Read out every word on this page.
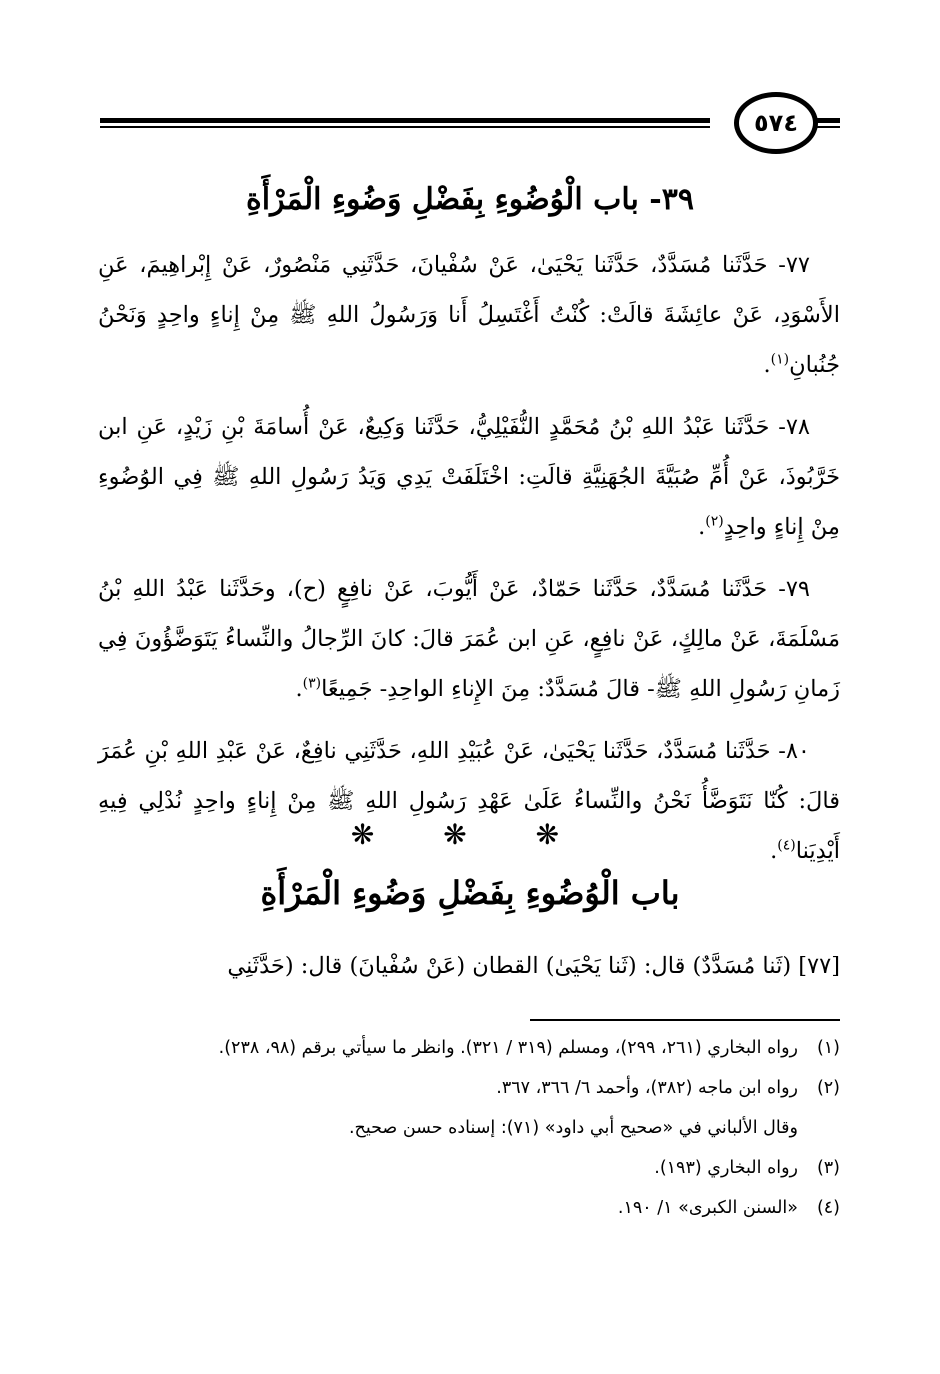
٥٧٤
٣٩- باب الْوُضُوءِ بِفَضْلِ وَضُوءِ الْمَرْأَةِ

٧٧- حَدَّثَنا مُسَدَّدٌ، حَدَّثَنا يَحْيَىٰ، عَنْ سُفْيانَ، حَدَّثَنِي مَنْصُورٌ، عَنْ إِبْراهِيمَ، عَنِ الأَسْوَدِ، عَنْ عائِشَةَ قالَتْ: كُنْتُ أَغْتَسِلُ أَنا وَرَسُولُ اللهِ ﷺ مِنْ إِناءٍ واحِدٍ وَنَحْنُ جُنُبانِ$^{(١)}$.

٧٨- حَدَّثَنا عَبْدُ اللهِ بْنُ مُحَمَّدٍ النُّفَيْلِيُّ، حَدَّثَنا وَكِيعٌ، عَنْ أُسامَةَ بْنِ زَيْدٍ، عَنِ ابن خَرَّبُوذَ، عَنْ أُمِّ صُبَيَّةَ الجُهَنِيَّةِ قالَتِ: اخْتَلَفَتْ يَدِي وَيَدُ رَسُولِ اللهِ ﷺ فِي الوُضُوءِ مِنْ إِناءٍ واحِدٍ$^{(٢)}$.

٧٩- حَدَّثَنا مُسَدَّدٌ، حَدَّثَنا حَمّادٌ، عَنْ أَيُّوبَ، عَنْ نافِعٍ (ح)، وحَدَّثَنا عَبْدُ اللهِ بْنُ مَسْلَمَةَ، عَنْ مالِكٍ، عَنْ نافِعٍ، عَنِ ابن عُمَرَ قالَ: كانَ الرِّجالُ والنِّساءُ يَتَوَضَّؤُونَ فِي زَمانِ رَسُولِ اللهِ ﷺ- قالَ مُسَدَّدٌ: مِنَ الإِناءِ الواحِدِ- جَمِيعًا$^{(٣)}$.

٨٠- حَدَّثَنا مُسَدَّدٌ، حَدَّثَنا يَحْيَىٰ، عَنْ عُبَيْدِ اللهِ، حَدَّثَنِي نافِعٌ، عَنْ عَبْدِ اللهِ بْنِ عُمَرَ قالَ: كُنّا نَتَوَضَّأُ نَحْنُ والنِّساءُ عَلَىٰ عَهْدِ رَسُولِ اللهِ ﷺ مِنْ إِناءٍ واحِدٍ نُدْلِي فِيهِ أَيْدِيَنا$^{(٤)}$.

❋ ❋ ❋
باب الْوُضُوءِ بِفَضْلِ وَضُوءِ الْمَرْأَةِ
[٧٧] (ثَنا مُسَدَّدٌ) قال: (ثَنا يَحْيَىٰ) القطان (عَنْ سُفْيانَ) قال: (حَدَّثَنِي
(١)
رواه البخاري (٢٦١، ٢٩٩)، ومسلم (٣١٩ / ٣٢١). وانظر ما سيأتي برقم (٩٨، ٢٣٨).
(٢)
رواه ابن ماجه (٣٨٢)، وأحمد ٦/ ٣٦٦، ٣٦٧.
وقال الألباني في «صحيح أبي داود» (٧١): إسناده حسن صحيح.
(٣)
رواه البخاري (١٩٣).
(٤)
«السنن الكبرى» ١/ ١٩٠.
